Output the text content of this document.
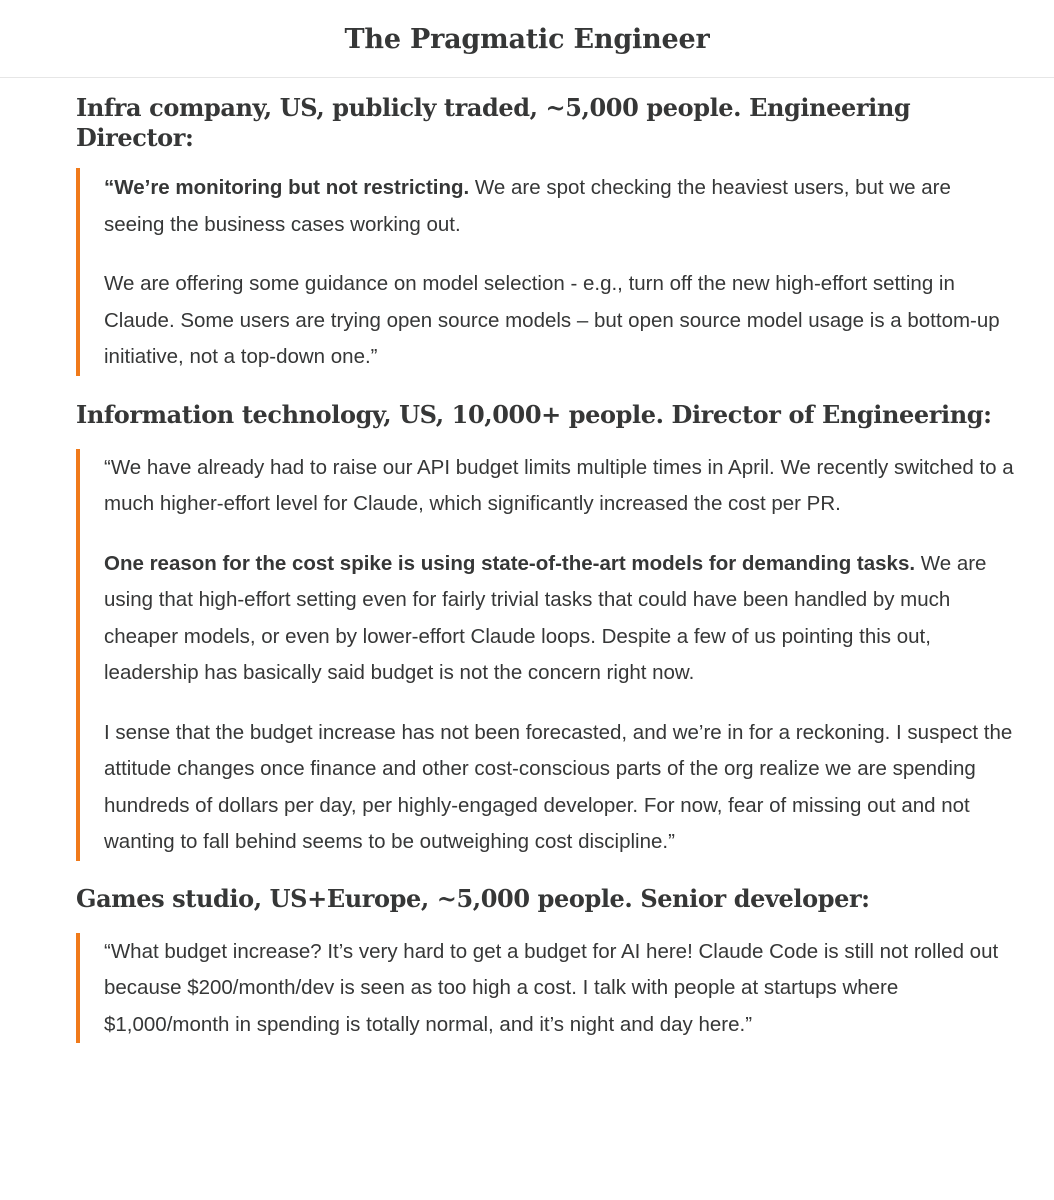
The Pragmatic Engineer
Infra company, US, publicly traded, ~5,000 people. Engineering Director:

“We’re monitoring but not restricting. We are spot checking the heaviest users, but we are seeing the business cases working out.

We are offering some guidance on model selection - e.g., turn off the new high-effort setting in Claude. Some users are trying open source models – but open source model usage is a bottom-up initiative, not a top-down one.”

Information technology, US, 10,000+ people. Director of Engineering:

“We have already had to raise our API budget limits multiple times in April. We recently switched to a much higher-effort level for Claude, which significantly increased the cost per PR.

One reason for the cost spike is using state-of-the-art models for demanding tasks. We are using that high-effort setting even for fairly trivial tasks that could have been handled by much cheaper models, or even by lower-effort Claude loops. Despite a few of us pointing this out, leadership has basically said budget is not the concern right now.

I sense that the budget increase has not been forecasted, and we’re in for a reckoning. I suspect the attitude changes once finance and other cost-conscious parts of the org realize we are spending hundreds of dollars per day, per highly-engaged developer. For now, fear of missing out and not wanting to fall behind seems to be outweighing cost discipline.”

Games studio, US+Europe, ~5,000 people. Senior developer:

“What budget increase? It’s very hard to get a budget for AI here! Claude Code is still not rolled out because $200/month/dev is seen as too high a cost. I talk with people at startups where $1,000/month in spending is totally normal, and it’s night and day here.”
